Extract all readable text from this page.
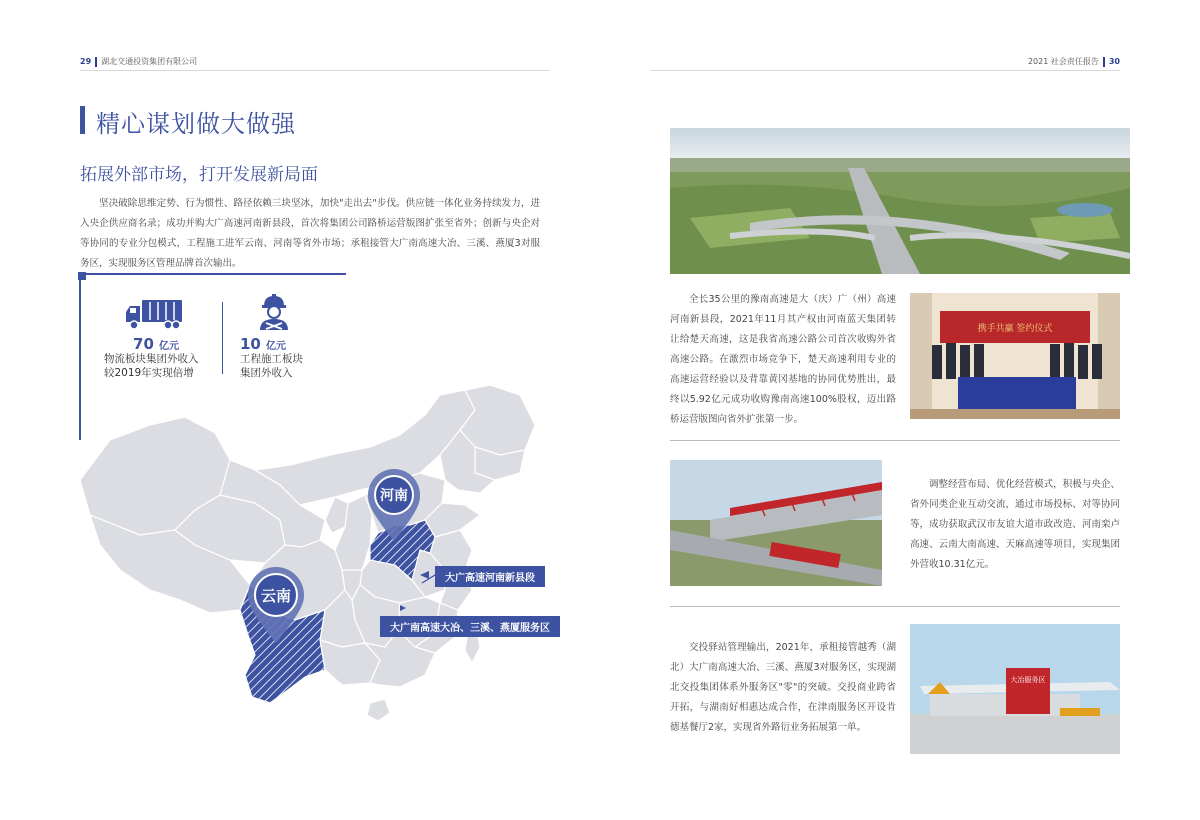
29 湖北交通投资集团有限公司	2021 社会责任报告 30
精心谋划做大做强
拓展外部市场，打开发展新局面
坚决破除思维定势、行为惯性、路径依赖三块坚冰，加快"走出去"步伐。供应链一体化业务持续发力，进入央企供应商名录；成功并购大广高速河南新县段，首次将集团公司路桥运营版图扩张至省外；创新与央企对等协同的专业分包模式，工程施工进军云南、河南等省外市场；承租接管大广南高速大冶、三溪、燕厦3对服务区，实现服务区管理品牌首次输出。
70 亿元
物流板块集团外收入
较2019年实现倍增
10 亿元
工程施工板块
集团外收入
河南
云南
大广高速河南新县段
大广南高速大冶、三溪、燕厦服务区
全长35公里的豫南高速是大（庆）广（州）高速河南新县段，2021年11月其产权由河南蓝天集团转让给楚天高速，这是我省高速公路公司首次收购外省高速公路。在激烈市场竞争下，楚天高速利用专业的高速运营经验以及背靠黄冈基地的协同优势胜出，最终以5.92亿元成功收购豫南高速100%股权，迈出路桥运营版图向省外扩张第一步。
携手共赢 签约仪式
调整经营布局、优化经营模式，积极与央企、省外同类企业互动交流，通过市场投标、对等协同等，成功获取武汉市友谊大道市政改造、河南栾卢高速、云南大南高速、天麻高速等项目，实现集团外营收10.31亿元。
交投驿站管理输出，2021年，承租接管越秀（湖北）大广南高速大冶、三溪、燕厦3对服务区，实现湖北交投集团体系外服务区"零"的突破。交投商业跨省开拓，与湖南好相惠达成合作，在津南服务区开设肯德基餐厅2家，实现省外路衍业务拓展第一单。
大冶服务区
